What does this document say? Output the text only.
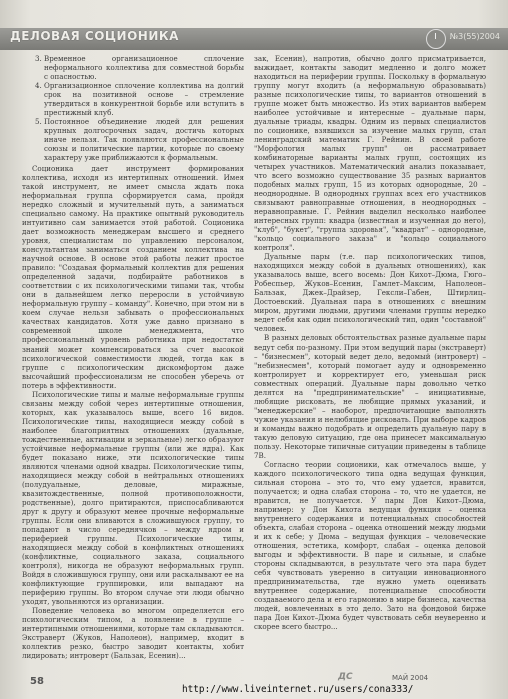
ДЕЛОВАЯ СОЦИОНИКА	№3(55)2004
3. Временное организационное сплочение неформального коллектива для совместной борьбы с опасностью.
4. Организационное сплочение коллектива на долгий срок на позитивной основе – стремление утвердиться в конкурентной борьбе или вступить в престижный клуб.
5. Постоянное объединение людей для решения крупных долгосрочных задач, достичь которых иначе нельзя. Так появляются профессиональные союзы и политические партии, которые по своему характеру уже приближаются к формальным.

Соционика дает инструмент формирования коллектива, исходя из интертипных отношений. Имея такой инструмент, не имеет смысла ждать пока неформальная группа сформируется сама, пройдя нередко сложный и мучительный путь, а заниматься специально самому. На практике опытный руководитель интуитивно сам занимается этой работой. Соционика дает возможность менеджерам высшего и среднего уровня, специалистам по управлению персоналом, консультантам заниматься созданием коллектива на научной основе. В основе этой работы лежит простое правило: "Создавая формальный коллектив для решения определенной задачи, подбирайте работников в соответствии с их психологическими типами так, чтобы они в дальнейшем легко переросли в устойчивую неформальную группу – команду". Конечно, при этом ни в коем случае нельзя забывать о профессиональных качествах кандидатов. Хотя уже давно признано в современной школе менеджмента, что профессиональный уровень работника при недостатке знаний может компенсироваться за счет высокой психологической совместимости людей, тогда как в группе с психологическим дискомфортом даже высочайший профессионализм не способен уберечь от потерь в эффективности.

Психологические типы и малые неформальные группы связаны между собой через интертипные отношения, которых, как указывалось выше, всего 16 видов. Психологические типы, находящиеся между собой в наиболее благоприятных отношениях (дуальные, тождественные, активации и зеркальные) легко образуют устойчивые неформальные группы (или же ядра). Как будет показано ниже, эти психологические типы являются членами одной квадры. Психологические типы, находящиеся между собой в нейтральных отношениях (полудуальные, деловые, миражные, квазитождественные, полной противоположности, родственные), долго притираются, приспосабливаются друг к другу и образуют менее прочные неформальные группы. Если они вливаются в сложившуюся группу, то попадают в число середнячков – между ядром и периферией группы. Психологические типы, находящиеся между собой в конфликтных отношениях (конфликтные, социального заказа, социального контроля), никогда не образуют неформальных групп. Войдя в сложившуюся группу, они или раскалывают ее на конфликтующие группировки, или выпадают на периферию группы. Во втором случае эти люди обычно уходят, увольняются из организации.

Поведение человека во многом определяется его психологическим типом, а появление в группе – интертипными отношениями, которые там складываются. Экстраверт (Жуков, Наполеон), например, входит в коллектив резко, быстро заводит контакты, хобит лидировать; интроверт (Бальзак, Есенин)...

зак, Есенин), напротив, обычно долго присматривается, выжидает, контакты заводит медленно и долго может находиться на периферии группы. Поскольку в формальную группу могут входить (а неформальную образовывать) разные психологические типы, то вариантов отношений в группе может быть множество. Из этих вариантов выберем наиболее устойчивые и интересные – дуальные пары, дуальные триады, квадры. Одним из первых специалистов по соционике, взявшихся за изучение малых групп, стал ленинградский математик Г. Рейнин. В своей работе "Морфология малых групп" он рассматривает комбинаторные варианты малых групп, состоящих из четырех участников. Математический анализ показывает, что всего возможно существование 35 разных вариантов подобных малых групп, 15 из которых однородные, 20 – неоднородные. В однородных группах всех его участников связывают равноправные отношения, в неоднородных – неравноправные. Г. Рейнин выделил несколько наиболее интересных групп: квадра (известная и изученная до него), "клуб", "букет", "группа здоровья", "квадрат" – однородные, "кольцо социального заказа" и "кольцо социального контроля".

Дуальные пары (т.е. пар психологических типов, находящихся между собой в дуальных отношениях), как указывалось выше, всего восемь: Дон Кихот–Дюма, Гюго–Робеспьер, Жуков–Есенин, Гамлет–Максим, Наполеон–Бальзак, Джек–Драйзер, Гексли–Габен, Штирлиц–Достоевский. Дуальная пара в отношениях с внешним миром, другими людьми, другими членами группы нередко ведет себя как один психологический тип, один "составной" человек.

В разных деловых обстоятельствах разные дуальные пары ведут себя по-разному. При этом ведущий пары (экстраверт) – "бизнесмен", который ведет дело, ведомый (интроверт) – "небизнесмен", который помогает ауду и одновременно контролирует и корректирует его, уменьшая риск совместных операций. Дуальные пары довольно четко делятся на "предпринимательские" – инициативные, любящие рисковать, не любящие прямых указаний, и "менеджерские" – наоборот, предпочитающие выполнять чужие указания и нелюбящие рисковать. При выборе кадров и команды важно подобрать и определить дуальную пару в такую деловую ситуацию, где она принесет максимальную пользу. Некоторые типичные ситуации приведены в таблице 7В.

Согласно теории соционики, как отмечалось выше, у каждого психологического типа одна ведущая функция, сильная сторона – это то, что ему удается, нравится, получается; и одна слабая сторона – то, что не удается, не нравится, не получается. У пары Дон Кихот–Дюма, например: у Дон Кихота ведущая функция – оценка внутреннего содержания и потенциальных способностей объекта, слабая сторона – оценка отношений между людьми и их к себе; у Дюма – ведущая функция – человеческие отношения, эстетика, комфорт, слабая – оценка деловой выгоды и эффективности. В паре и сильные, и слабые стороны складываются, в результате чего эта пара будет себя чувствовать уверенно в ситуации инновационного предпринимательства, где нужно уметь оценивать внутреннее содержание, потенциальные способности создаваемого дела и его гармонию в мире бизнеса, качества людей, вовлеченных в это дело. Зато на фондовой бирже пара Дон Кихот–Дюма будет чувствовать себя неуверенно и скорее всего быстро...

58	ДС	МАЙ 2004
http://www.liveinternet.ru/users/cona333/
